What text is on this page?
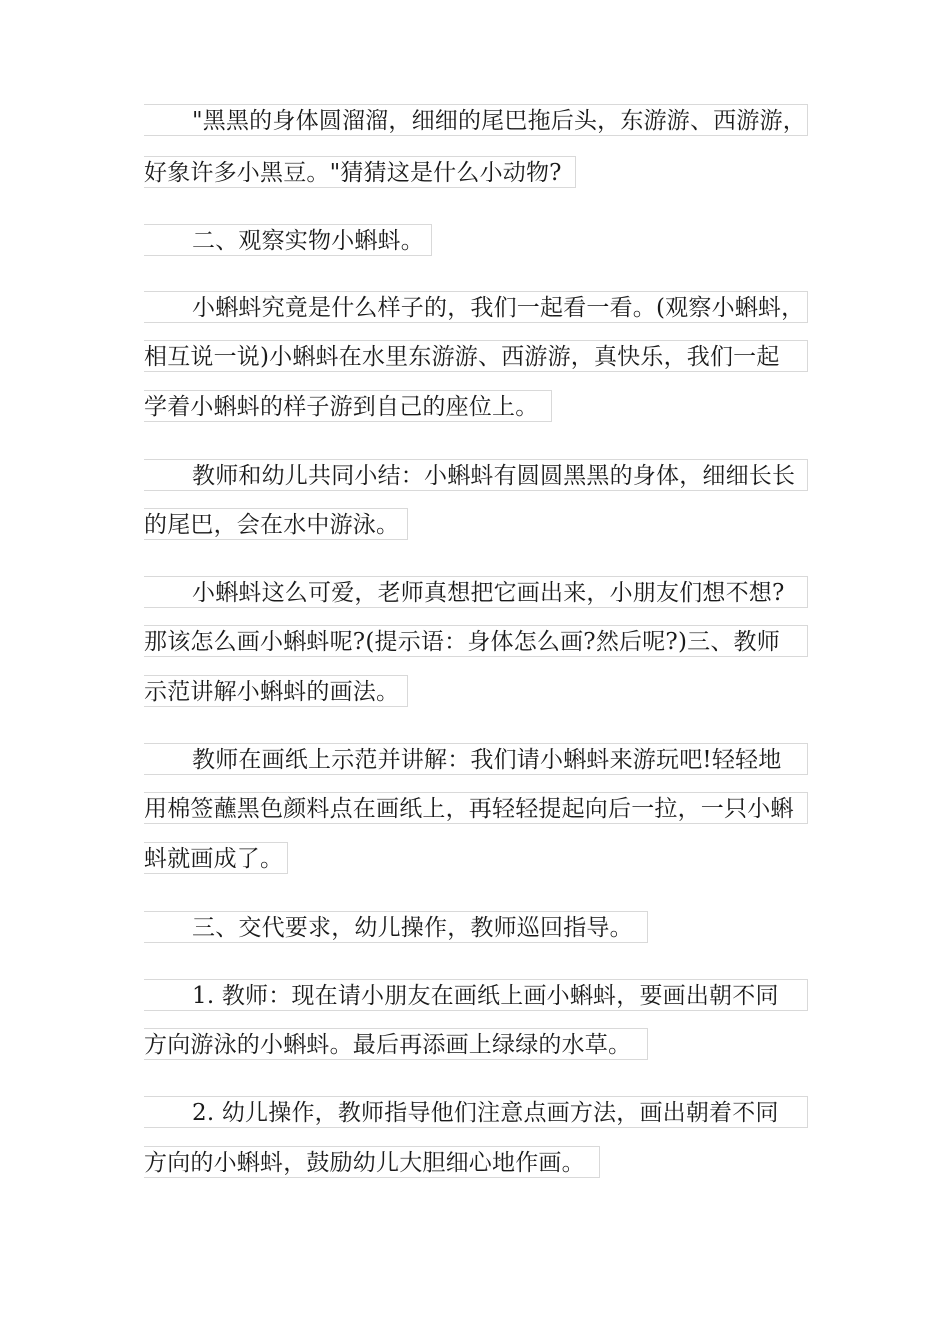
"黑黑的身体圆溜溜，细细的尾巴拖后头，东游游、西游游，
好象许多小黑豆。"猜猜这是什么小动物?
二、观察实物小蝌蚪。
小蝌蚪究竟是什么样子的，我们一起看一看。(观察小蝌蚪，
相互说一说)小蝌蚪在水里东游游、西游游，真快乐，我们一起
学着小蝌蚪的样子游到自己的座位上。
教师和幼儿共同小结：小蝌蚪有圆圆黑黑的身体，细细长长
的尾巴，会在水中游泳。
小蝌蚪这么可爱，老师真想把它画出来，小朋友们想不想?
那该怎么画小蝌蚪呢?(提示语：身体怎么画?然后呢?)三、教师
示范讲解小蝌蚪的画法。
教师在画纸上示范并讲解：我们请小蝌蚪来游玩吧!轻轻地
用棉签蘸黑色颜料点在画纸上，再轻轻提起向后一拉，一只小蝌
蚪就画成了。
三、交代要求，幼儿操作，教师巡回指导。
1. 教师：现在请小朋友在画纸上画小蝌蚪，要画出朝不同
方向游泳的小蝌蚪。最后再添画上绿绿的水草。
2. 幼儿操作，教师指导他们注意点画方法，画出朝着不同
方向的小蝌蚪，鼓励幼儿大胆细心地作画。
